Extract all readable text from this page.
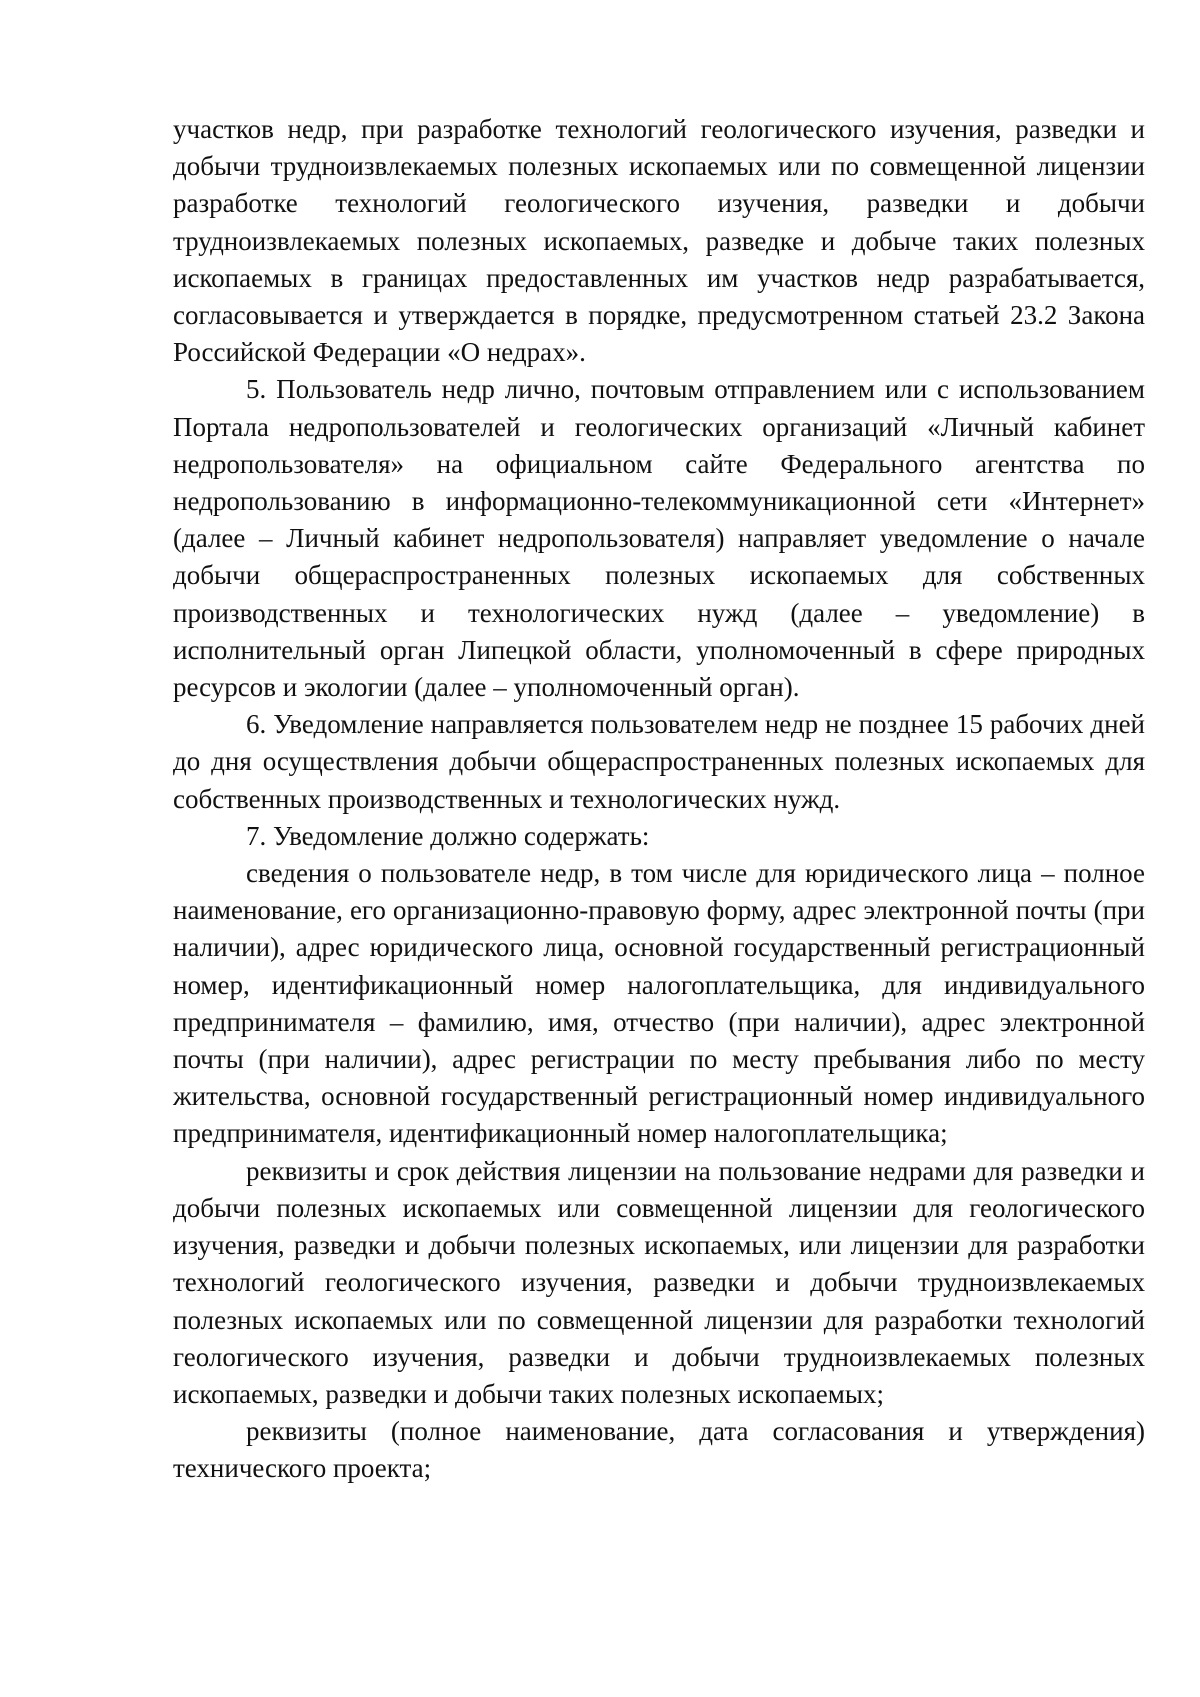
участков недр, при разработке технологий геологического изучения, разведки и добычи трудноизвлекаемых полезных ископаемых или по совмещенной лицензии разработке технологий геологического изучения, разведки и добычи трудноизвлекаемых полезных ископаемых, разведке и добыче таких полезных ископаемых в границах предоставленных им участков недр разрабатывается, согласовывается и утверждается в порядке, предусмотренном статьей 23.2 Закона Российской Федерации «О недрах».

5. Пользователь недр лично, почтовым отправлением или с использованием Портала недропользователей и геологических организаций «Личный кабинет недропользователя» на официальном сайте Федерального агентства по недропользованию в информационно-телекоммуникационной сети «Интернет» (далее – Личный кабинет недропользователя) направляет уведомление о начале добычи общераспространенных полезных ископаемых для собственных производственных и технологических нужд (далее – уведомление) в исполнительный орган Липецкой области, уполномоченный в сфере природных ресурсов и экологии (далее – уполномоченный орган).

6. Уведомление направляется пользователем недр не позднее 15 рабочих дней до дня осуществления добычи общераспространенных полезных ископаемых для собственных производственных и технологических нужд.

7. Уведомление должно содержать:

сведения о пользователе недр, в том числе для юридического лица – полное наименование, его организационно-правовую форму, адрес электронной почты (при наличии), адрес юридического лица, основной государственный регистрационный номер, идентификационный номер налогоплательщика, для индивидуального предпринимателя – фамилию, имя, отчество (при наличии), адрес электронной почты (при наличии), адрес регистрации по месту пребывания либо по месту жительства, основной государственный регистрационный номер индивидуального предпринимателя, идентификационный номер налогоплательщика;

реквизиты и срок действия лицензии на пользование недрами для разведки и добычи полезных ископаемых или совмещенной лицензии для геологического изучения, разведки и добычи полезных ископаемых, или лицензии для разработки технологий геологического изучения, разведки и добычи трудноизвлекаемых полезных ископаемых или по совмещенной лицензии для разработки технологий геологического изучения, разведки и добычи трудноизвлекаемых полезных ископаемых, разведки и добычи таких полезных ископаемых;

реквизиты (полное наименование, дата согласования и утверждения) технического проекта;
